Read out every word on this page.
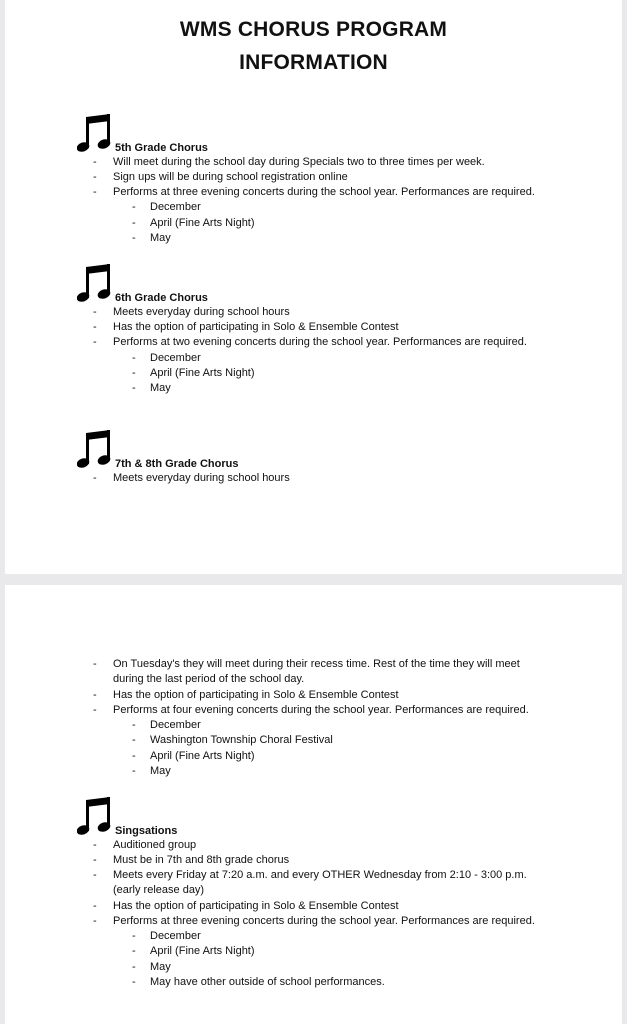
WMS CHORUS PROGRAM
INFORMATION
5th Grade Chorus
- Will meet during the school day during Specials two to three times per week.
- Sign ups will be during school registration online
- Performs at three evening concerts during the school year. Performances are required.
- December
- April (Fine Arts Night)
- May
6th Grade Chorus
- Meets everyday during school hours
- Has the option of participating in Solo & Ensemble Contest
- Performs at two evening concerts during the school year. Performances are required.
- December
- April (Fine Arts Night)
- May
7th & 8th Grade Chorus
- Meets everyday during school hours
- On Tuesday's they will meet during their recess time. Rest of the time they will meet
during the last period of the school day.
- Has the option of participating in Solo & Ensemble Contest
- Performs at four evening concerts during the school year. Performances are required.
- December
- Washington Township Choral Festival
- April (Fine Arts Night)
- May
Singsations
- Auditioned group
- Must be in 7th and 8th grade chorus
- Meets every Friday at 7:20 a.m. and every OTHER Wednesday from 2:10 - 3:00 p.m.
(early release day)
- Has the option of participating in Solo & Ensemble Contest
- Performs at three evening concerts during the school year. Performances are required.
- December
- April (Fine Arts Night)
- May
- May have other outside of school performances.
